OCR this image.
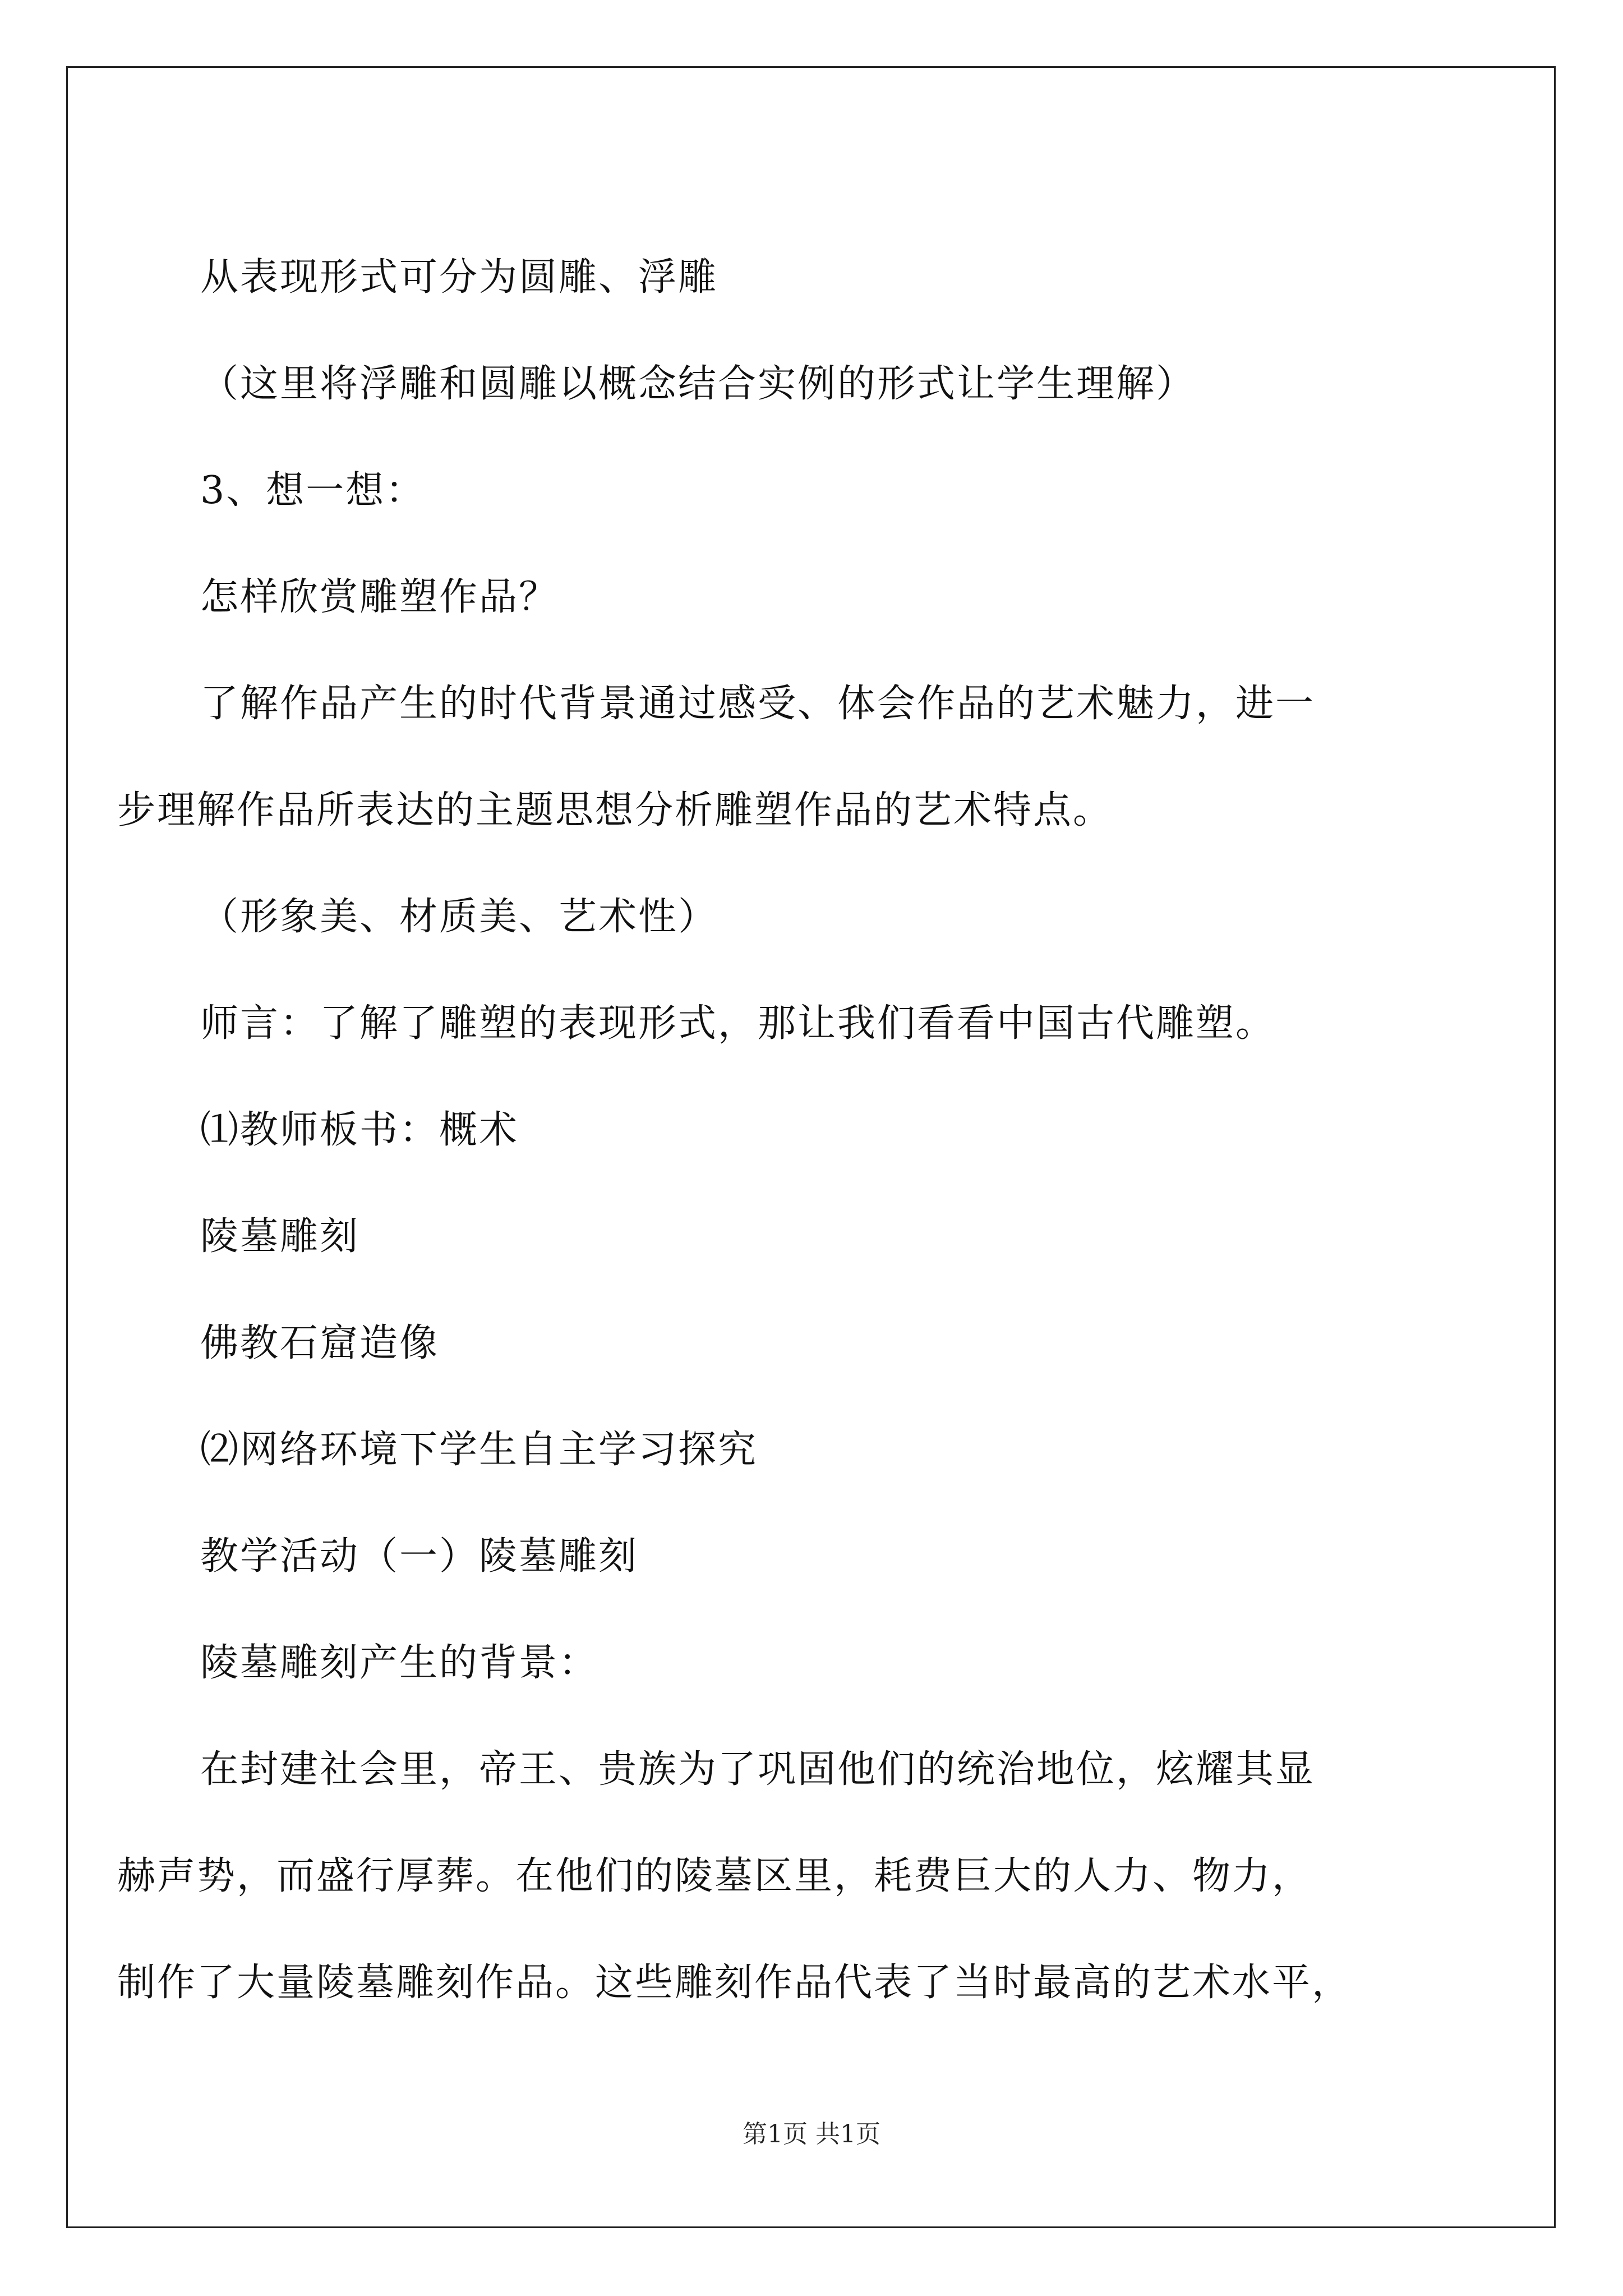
从表现形式可分为圆雕、浮雕

（这里将浮雕和圆雕以概念结合实例的形式让学生理解）

3、想一想：

怎样欣赏雕塑作品？

了解作品产生的时代背景通过感受、体会作品的艺术魅力，进一

步理解作品所表达的主题思想分析雕塑作品的艺术特点。

（形象美、材质美、艺术性）

师言：了解了雕塑的表现形式，那让我们看看中国古代雕塑。

⑴教师板书：概术

陵墓雕刻

佛教石窟造像

⑵网络环境下学生自主学习探究

教学活动（一）陵墓雕刻

陵墓雕刻产生的背景：

在封建社会里，帝王、贵族为了巩固他们的统治地位，炫耀其显

赫声势，而盛行厚葬。在他们的陵墓区里，耗费巨大的人力、物力，

制作了大量陵墓雕刻作品。这些雕刻作品代表了当时最高的艺术水平，

第1页 共1页
